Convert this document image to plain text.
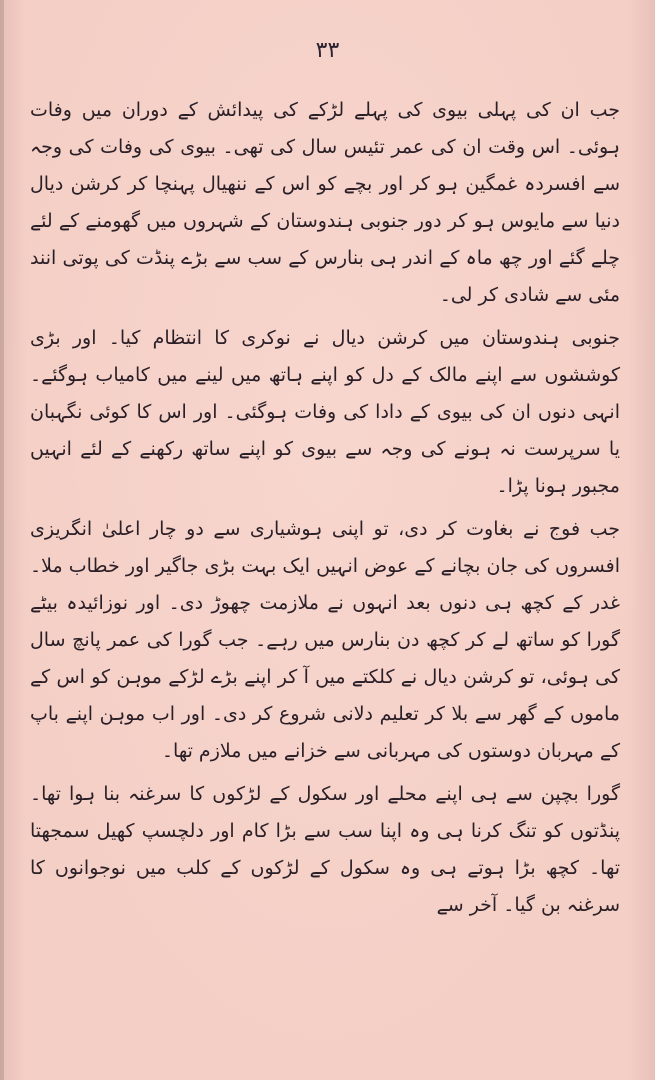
۳۳

جب ان کی پہلی بیوی کی پہلے لڑکے کی پیدائش کے دوران میں وفات ہوئی۔ اس وقت ان کی عمر تئیس سال کی تھی۔ بیوی کی وفات کی وجہ سے افسردہ غمگین ہو کر اور بچے کو اس کے ننھیال پہنچا کر کرشن دیال دنیا سے مایوس ہو کر دور جنوبی ہندوستان کے شہروں میں گھومنے کے لئے چلے گئے اور چھ ماہ کے اندر ہی بنارس کے سب سے بڑے پنڈت کی پوتی انند مئی سے شادی کر لی۔

جنوبی ہندوستان میں کرشن دیال نے نوکری کا انتظام کیا۔ اور بڑی کوششوں سے اپنے مالک کے دل کو اپنے ہاتھ میں لینے میں کامیاب ہوگئے۔ انہی دنوں ان کی بیوی کے دادا کی وفات ہوگئی۔ اور اس کا کوئی نگہبان یا سرپرست نہ ہونے کی وجہ سے بیوی کو اپنے ساتھ رکھنے کے لئے انہیں مجبور ہونا پڑا۔

جب فوج نے بغاوت کر دی، تو اپنی ہوشیاری سے دو چار اعلیٰ انگریزی افسروں کی جان بچانے کے عوض انہیں ایک بہت بڑی جاگیر اور خطاب ملا۔ غدر کے کچھ ہی دنوں بعد انہوں نے ملازمت چھوڑ دی۔ اور نوزائیدہ بیٹے گورا کو ساتھ لے کر کچھ دن بنارس میں رہے۔ جب گورا کی عمر پانچ سال کی ہوئی، تو کرشن دیال نے کلکتے میں آ کر اپنے بڑے لڑکے موہن کو اس کے ماموں کے گھر سے بلا کر تعلیم دلانی شروع کر دی۔ اور اب موہن اپنے باپ کے مہربان دوستوں کی مہربانی سے خزانے میں ملازم تھا۔

گورا بچپن سے ہی اپنے محلے اور سکول کے لڑکوں کا سرغنہ بنا ہوا تھا۔ پنڈتوں کو تنگ کرنا ہی وہ اپنا سب سے بڑا کام اور دلچسپ کھیل سمجھتا تھا۔ کچھ بڑا ہوتے ہی وہ سکول کے لڑکوں کے کلب میں نوجوانوں کا سرغنہ بن گیا۔ آخر سے
